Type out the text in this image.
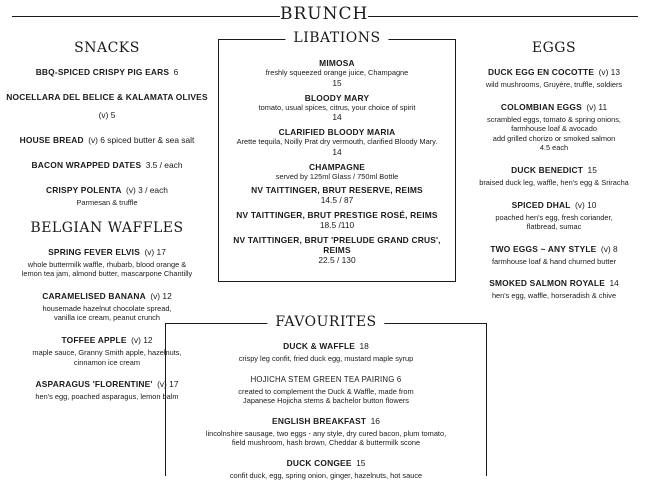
BRUNCH
SNACKS
BBQ-SPICED CRISPY PIG EARS 6
NOCELLARA DEL BELICE & KALAMATA OLIVES (v) 5
HOUSE BREAD (v) 6 spiced butter & sea salt
BACON WRAPPED DATES 3.5 / each
CRISPY POLENTA (v) 3 / each
Parmesan & truffle
BELGIAN WAFFLES
SPRING FEVER ELVIS (v) 17
whole buttermilk waffle, rhubarb, blood orange &
lemon tea jam, almond butter, mascarpone Chantilly
CARAMELISED BANANA (v) 12
housemade hazelnut chocolate spread,
vanilla ice cream, peanut crunch
TOFFEE APPLE (v) 12
maple sauce, Granny Smith apple, hazelnuts,
cinnamon ice cream
ASPARAGUS 'FLORENTINE' (v) 17
hen's egg, poached asparagus, lemon balm
LIBATIONS
MIMOSA
freshly squeezed orange juice, Champagne
15
BLOODY MARY
tomato, usual spices, citrus, your choice of spirit
14
CLARIFIED BLOODY MARIA
Arette tequila, Noilly Prat dry vermouth, clarified Bloody Mary.
14
CHAMPAGNE
served by 125ml Glass / 750ml Bottle
NV TAITTINGER, BRUT RESERVE, REIMS
14.5 / 87
NV TAITTINGER, BRUT PRESTIGE ROSÉ, REIMS
18.5 /110
NV TAITTINGER, BRUT 'PRELUDE GRAND CRUS', REIMS
22.5 / 130
EGGS
DUCK EGG EN COCOTTE (v) 13
wild mushrooms, Gruyère, truffle, soldiers
COLOMBIAN EGGS (v) 11
scrambled eggs, tomato & spring onions,
farmhouse loaf & avocado
add grilled chorizo or smoked salmon
4.5 each
DUCK BENEDICT 15
braised duck leg, waffle, hen's egg & Sriracha
SPICED DHAL (v) 10
poached hen's egg, fresh coriander,
flatbread, sumac
TWO EGGS ~ ANY STYLE (v) 8
farmhouse loaf & hand churned butter
SMOKED SALMON ROYALE 14
hen's egg, waffle, horseradish & chive
FAVOURITES
DUCK & WAFFLE 18
crispy leg confit, fried duck egg, mustard maple syrup
HOJICHA STEM GREEN TEA PAIRING 6
created to complement the Duck & Waffle, made from
Japanese Hojicha stems & bachelor button flowers
ENGLISH BREAKFAST 16
lincolnshire sausage, two eggs - any style, dry cured bacon, plum tomato,
field mushroom, hash brown, Cheddar & buttermilk scone
DUCK CONGEE 15
confit duck, egg, spring onion, ginger, hazelnuts, hot sauce
